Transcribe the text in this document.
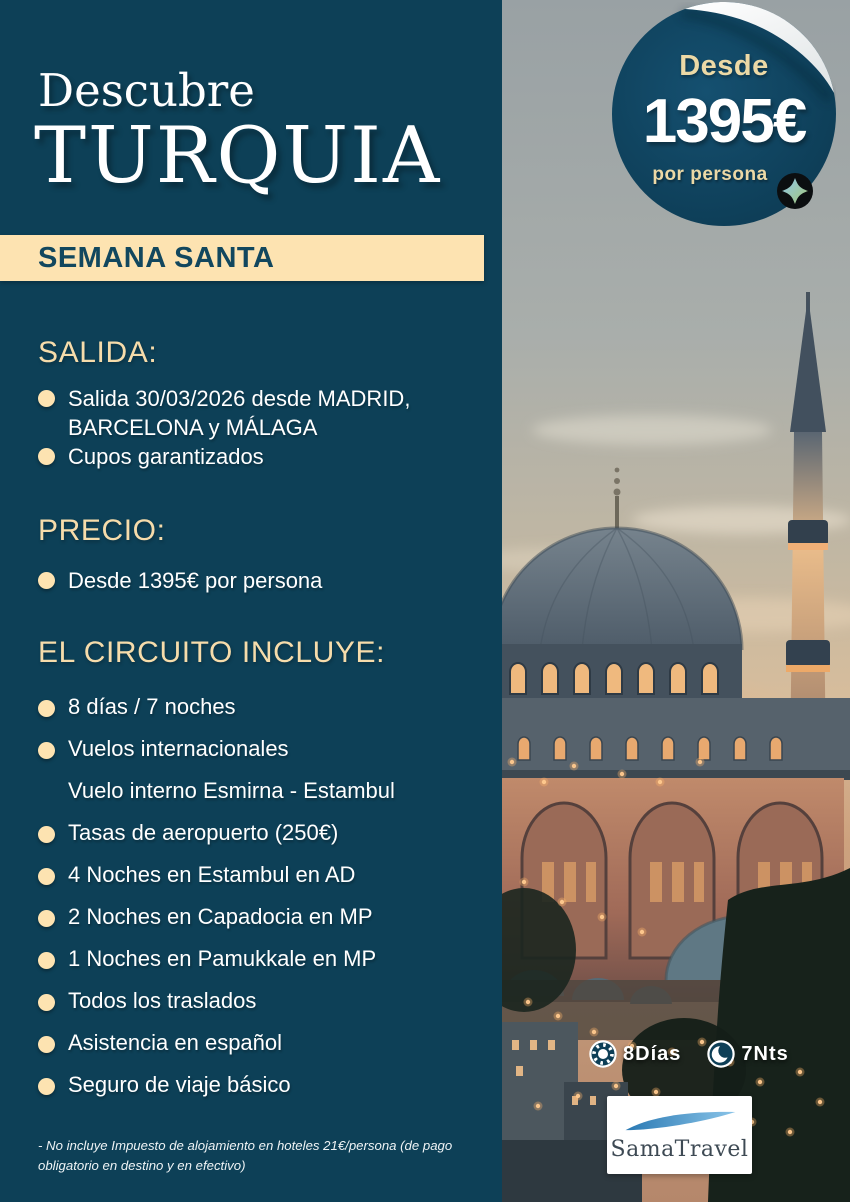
Descubre
TURQUIA
SEMANA SANTA
SALIDA:
Salida 30/03/2026 desde MADRID, BARCELONA y MÁLAGA
Cupos garantizados
PRECIO:
Desde 1395€ por persona
EL CIRCUITO INCLUYE:
8 días / 7 noches
Vuelos internacionales
Vuelo interno Esmirna - Estambul
Tasas de aeropuerto (250€)
4 Noches en Estambul en AD
2 Noches en Capadocia en MP
1 Noches en Pamukkale en MP
Todos los traslados
Asistencia en español
Seguro de viaje básico
- No incluye Impuesto de alojamiento en hoteles 21€/persona (de pago obligatorio en destino y en efectivo)
Desde
1395€
por persona
8Días	7Nts
SamaTravel
